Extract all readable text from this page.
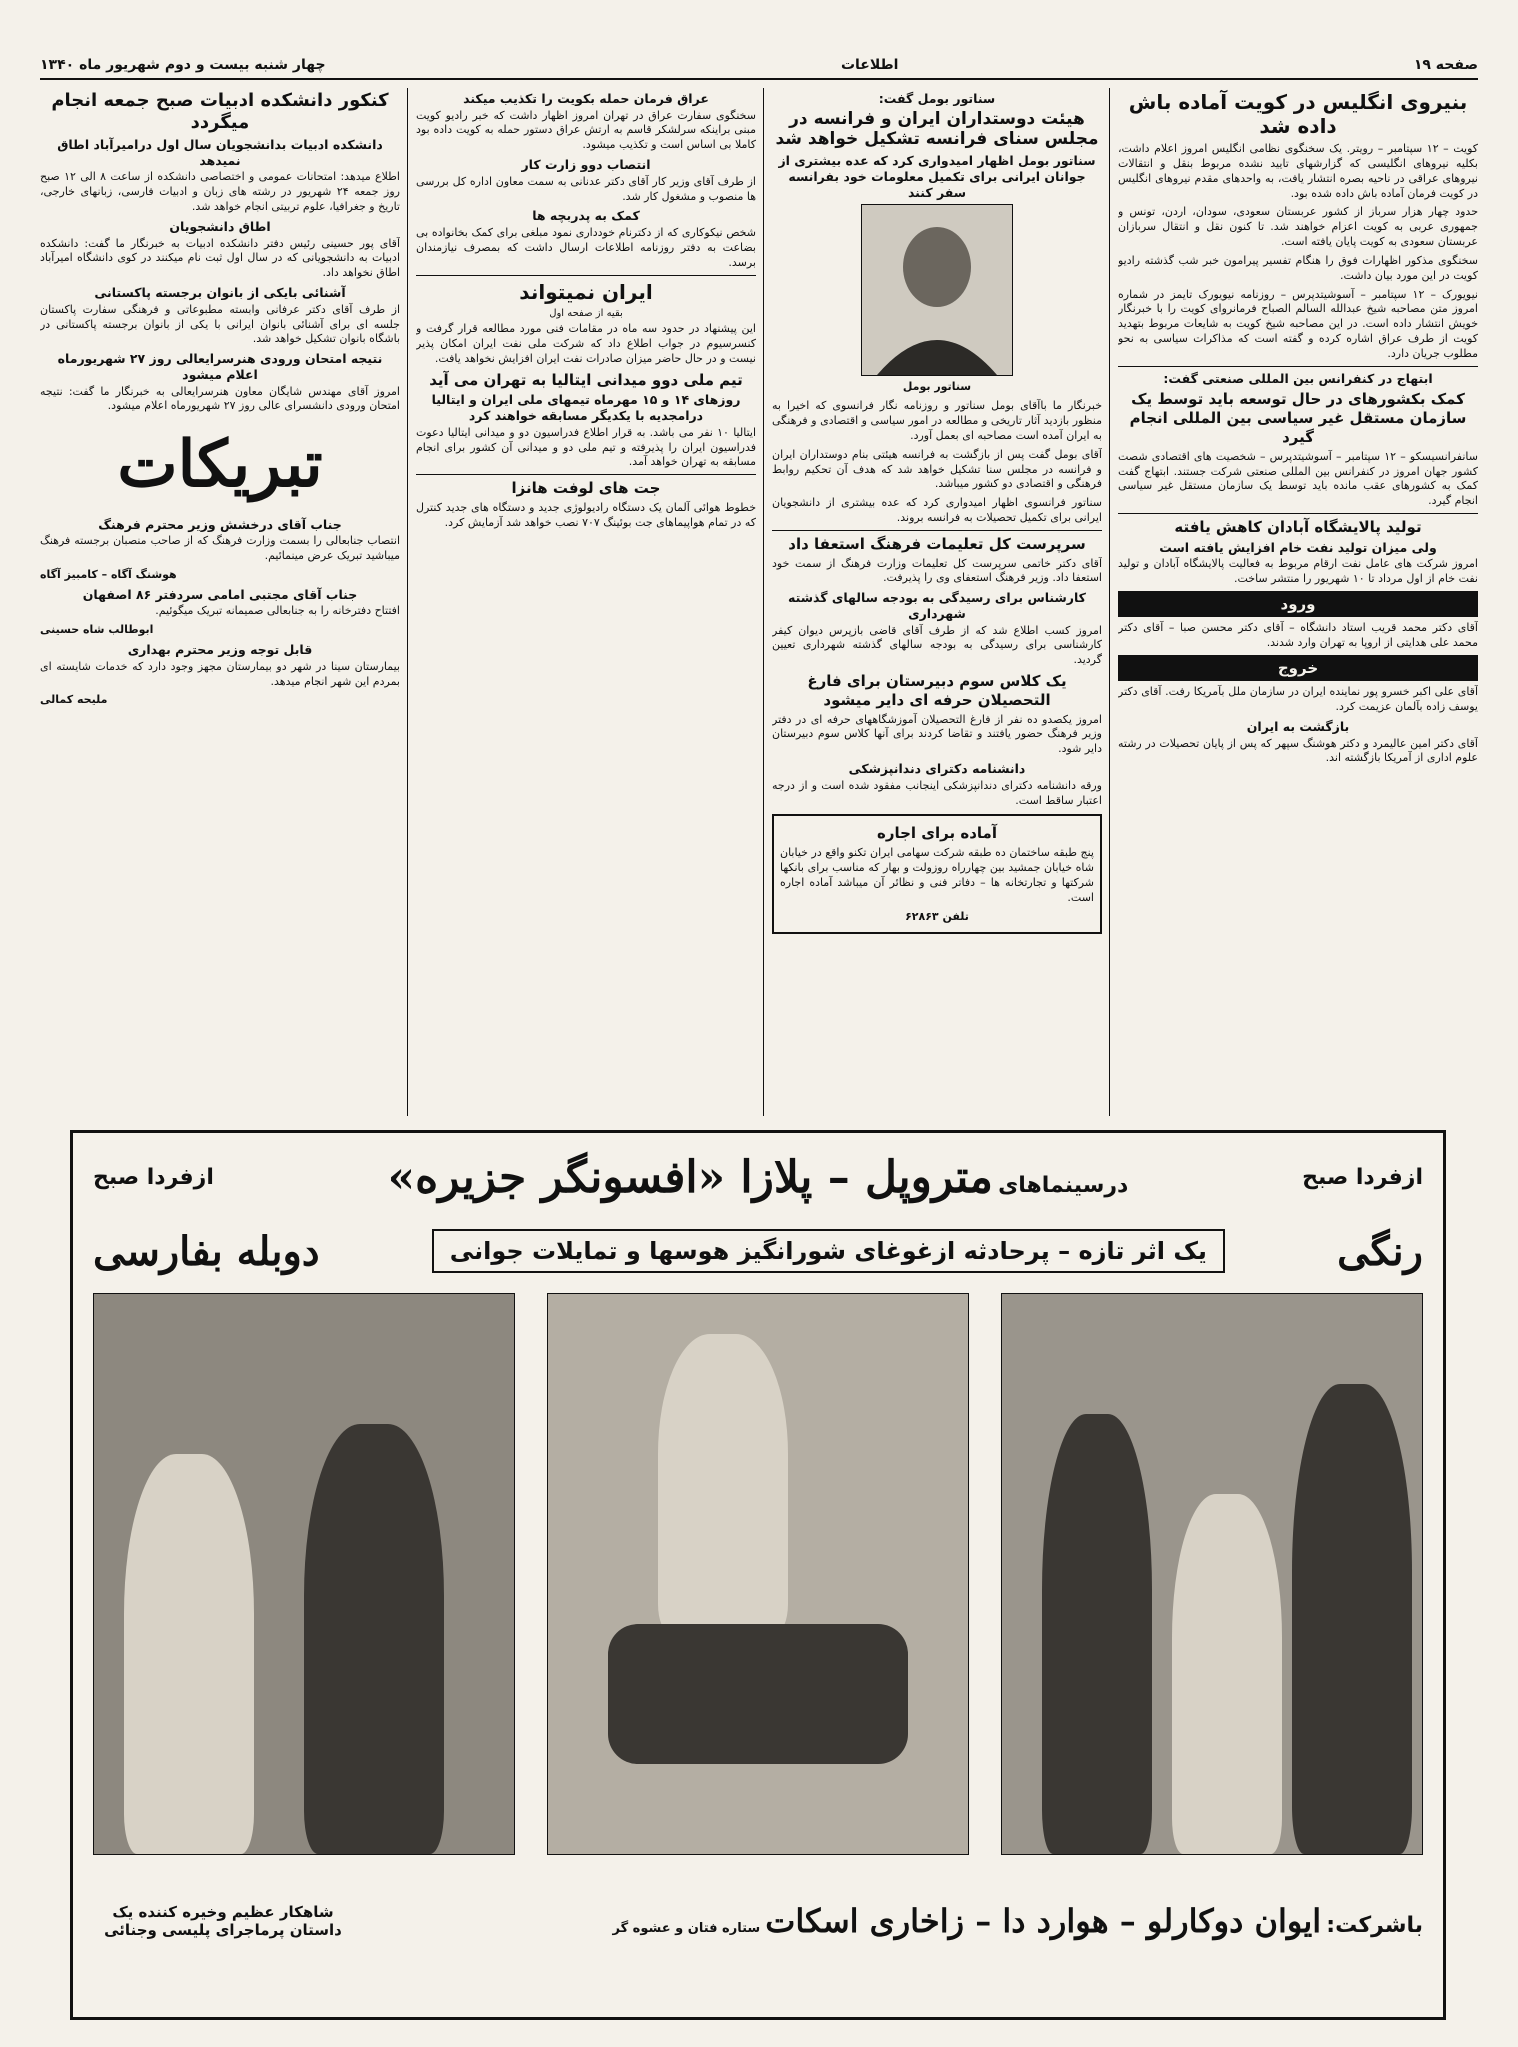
صفحه ۱۹
اطلاعات
چهار شنبه بیست و دوم شهریور ماه ۱۳۴۰
بنیروی انگلیس در کویت آماده باش داده شد

کویت – ۱۲ سپتامبر – رویتر. یک سخنگوی نظامی انگلیس امروز اعلام داشت، بکلیه نیروهای انگلیسی که گزارشهای تایید نشده مربوط بنقل و انتقالات نیروهای عراقی در ناحیه بصره انتشار یافت، به واحدهای مقدم نیروهای انگلیس در کویت فرمان آماده باش داده شده بود.

حدود چهار هزار سرباز از کشور عربستان سعودی، سودان، اردن، تونس و جمهوری عربی به کویت اعزام خواهند شد. تا کنون نقل و انتقال سربازان عربستان سعودی به کویت پایان یافته است.

سخنگوی مذکور اظهارات فوق را هنگام تفسیر پیرامون خبر شب گذشته رادیو کویت در این مورد بیان داشت.

نیویورک – ۱۲ سپتامبر – آسوشیتدپرس – روزنامه نیویورک تایمز در شماره امروز متن مصاحبه شیخ عبدالله السالم الصباح فرمانروای کویت را با خبرنگار خویش انتشار داده است. در این مصاحبه شیخ کویت به شایعات مربوط بتهدید کویت از طرف عراق اشاره کرده و گفته است که مذاکرات سیاسی به نحو مطلوب جریان دارد.

ابتهاج در کنفرانس بین المللی صنعتی گفت:
کمک بکشورهای در حال توسعه باید توسط یک سازمان مستقل غیر سیاسی بین المللی انجام گیرد

سانفرانسیسکو – ۱۲ سپتامبر – آسوشیتدپرس – شخصیت های اقتصادی شصت کشور جهان امروز در کنفرانس بین المللی صنعتی شرکت جستند. ابتهاج گفت کمک به کشورهای عقب مانده باید توسط یک سازمان مستقل غیر سیاسی انجام گیرد.

تولید پالایشگاه آبادان کاهش یافته
ولی میزان تولید نفت خام افزایش یافته است

امروز شرکت های عامل نفت ارقام مربوط به فعالیت پالایشگاه آبادان و تولید نفت خام از اول مرداد تا ۱۰ شهریور را منتشر ساخت.

ورود

آقای دکتر محمد قریب استاد دانشگاه – آقای دکتر محسن صبا – آقای دکتر محمد علی هدایتی از اروپا به تهران وارد شدند.

خروج

آقای علی اکبر خسرو پور نماینده ایران در سازمان ملل بآمریکا رفت. آقای دکتر یوسف زاده بآلمان عزیمت کرد.

بازگشت به ایران

آقای دکتر امین عالیمرد و دکتر هوشنگ سپهر که پس از پایان تحصیلات در رشته علوم اداری از آمریکا بازگشته اند.

سناتور بومل گفت:
هیئت دوستداران ایران و فرانسه در مجلس سنای فرانسه تشکیل خواهد شد
سناتور بومل اظهار امیدواری کرد که عده بیشتری از جوانان ایرانی برای تکمیل معلومات خود بفرانسه سفر کنند
سناتور بومل

خبرنگار ما باآقای بومل سناتور و روزنامه نگار فرانسوی که اخیرا به منظور بازدید آثار تاریخی و مطالعه در امور سیاسی و اقتصادی و فرهنگی به ایران آمده است مصاحبه ای بعمل آورد.

آقای بومل گفت پس از بازگشت به فرانسه هیئتی بنام دوستداران ایران و فرانسه در مجلس سنا تشکیل خواهد شد که هدف آن تحکیم روابط فرهنگی و اقتصادی دو کشور میباشد.

سناتور فرانسوی اظهار امیدواری کرد که عده بیشتری از دانشجویان ایرانی برای تکمیل تحصیلات به فرانسه بروند.

سرپرست کل تعلیمات فرهنگ استعفا داد

آقای دکتر خاتمی سرپرست کل تعلیمات وزارت فرهنگ از سمت خود استعفا داد. وزیر فرهنگ استعفای وی را پذیرفت.

کارشناس برای رسیدگی به بودجه سالهای گذشته شهرداری

امروز کسب اطلاع شد که از طرف آقای قاضی بازپرس دیوان کیفر کارشناسی برای رسیدگی به بودجه سالهای گذشته شهرداری تعیین گردید.

یک کلاس سوم دبیرستان برای فارغ التحصیلان حرفه ای دایر میشود

امروز یکصدو ده نفر از فارغ التحصیلان آموزشگاههای حرفه ای در دفتر وزیر فرهنگ حضور یافتند و تقاضا کردند برای آنها کلاس سوم دبیرستان دایر شود.

دانشنامه دکترای دندانپزشکی

ورقه دانشنامه دکترای دندانپزشکی اینجانب مفقود شده است و از درجه اعتبار ساقط است.

آماده برای اجاره

پنج طبقه ساختمان ده طبقه شرکت سهامی ایران تکنو واقع در خیابان شاه خیابان جمشید بین چهارراه روزولت و بهار که مناسب برای بانکها شرکتها و تجارتخانه ها – دفاتر فنی و نظائر آن میباشد آماده اجاره است.

تلفن ۶۲۸۶۳

عراق فرمان حمله بکویت را تکذیب میکند

سخنگوی سفارت عراق در تهران امروز اظهار داشت که خبر رادیو کویت مبنی براینکه سرلشکر قاسم به ارتش عراق دستور حمله به کویت داده بود کاملا بی اساس است و تکذیب میشود.

انتصاب دوو زارت کار

از طرف آقای وزیر کار آقای دکتر عدنانی به سمت معاون اداره کل بررسی ها منصوب و مشغول کار شد.

کمک به پدربچه ها

شخص نیکوکاری که از دکترنام خودداری نمود مبلغی برای کمک بخانواده بی بضاعت به دفتر روزنامه اطلاعات ارسال داشت که بمصرف نیازمندان برسد.

ایران نمیتواند
بقیه از صفحه اول

این پیشنهاد در حدود سه ماه در مقامات فنی مورد مطالعه قرار گرفت و کنسرسیوم در جواب اطلاع داد که شرکت ملی نفت ایران امکان پذیر نیست و در حال حاضر میزان صادرات نفت ایران افزایش نخواهد یافت.

تیم ملی دوو میدانی ایتالیا به تهران می آید
روزهای ۱۴ و ۱۵ مهرماه تیمهای ملی ایران و ایتالیا درامجدیه با یکدیگر مسابقه خواهند کرد

ایتالیا ۱۰ نفر می باشد. به قرار اطلاع فدراسیون دو و میدانی ایتالیا دعوت فدراسیون ایران را پذیرفته و تیم ملی دو و میدانی آن کشور برای انجام مسابقه به تهران خواهد آمد.

جت های لوفت هانزا

خطوط هوائی آلمان یک دستگاه رادیولوژی جدید و دستگاه های جدید کنترل که در تمام هواپیماهای جت بوئینگ ۷۰۷ نصب خواهد شد آزمایش کرد.

کنکور دانشکده ادبیات صبح جمعه انجام میگردد
دانشکده ادبیات بدانشجویان سال اول درامیرآباد اطاق نمیدهد

اطلاع میدهد: امتحانات عمومی و اختصاصی دانشکده از ساعت ۸ الی ۱۲ صبح روز جمعه ۲۴ شهریور در رشته های زبان و ادبیات فارسی، زبانهای خارجی، تاریخ و جغرافیا، علوم تربیتی انجام خواهد شد.

اطاق دانشجویان

آقای پور حسینی رئیس دفتر دانشکده ادبیات به خبرنگار ما گفت: دانشکده ادبیات به دانشجویانی که در سال اول ثبت نام میکنند در کوی دانشگاه امیرآباد اطاق نخواهد داد.

آشنائی بایکی از بانوان برجسته پاکستانی

از طرف آقای دکتر عرفانی وابسته مطبوعاتی و فرهنگی سفارت پاکستان جلسه ای برای آشنائی بانوان ایرانی با یکی از بانوان برجسته پاکستانی در باشگاه بانوان تشکیل خواهد شد.

نتیجه امتحان ورودی هنرسرایعالی روز ۲۷ شهریورماه اعلام میشود

امروز آقای مهندس شایگان معاون هنرسرایعالی به خبرنگار ما گفت: نتیجه امتحان ورودی دانشسرای عالی روز ۲۷ شهریورماه اعلام میشود.

تبریکات
جناب آقای درخشش وزیر محترم فرهنگ

انتصاب جنابعالی را بسمت وزارت فرهنگ که از صاحب منصبان برجسته فرهنگ میباشید تبریک عرض مینمائیم.

هوشنگ آگاه – کامبیز آگاه

جناب آقای مجتبی امامی سردفتر ۸۶ اصفهان

افتتاح دفترخانه را به جنابعالی صمیمانه تبریک میگوئیم.

ابوطالب شاه حسینی

قابل توجه وزیر محترم بهداری

بیمارستان سینا در شهر دو بیمارستان مجهز وجود دارد که خدمات شایسته ای بمردم این شهر انجام میدهد.

ملیحه کمالی

ازفردا صبح
درسینماهای متروپل – پلازا «افسونگر جزیره»
ازفردا صبح
رنگی
یک اثر تازه – پرحادثه ازغوغای شورانگیز هوسها و تمایلات جوانی
دوبله بفارسی
باشرکت: ایوان دوکارلو – هوارد دا – زاخاری اسکات ستاره فتان و عشوه گر
شاهکار عظیم وخیره کننده یک داستان پرماجرای پلیسی وجنائی
